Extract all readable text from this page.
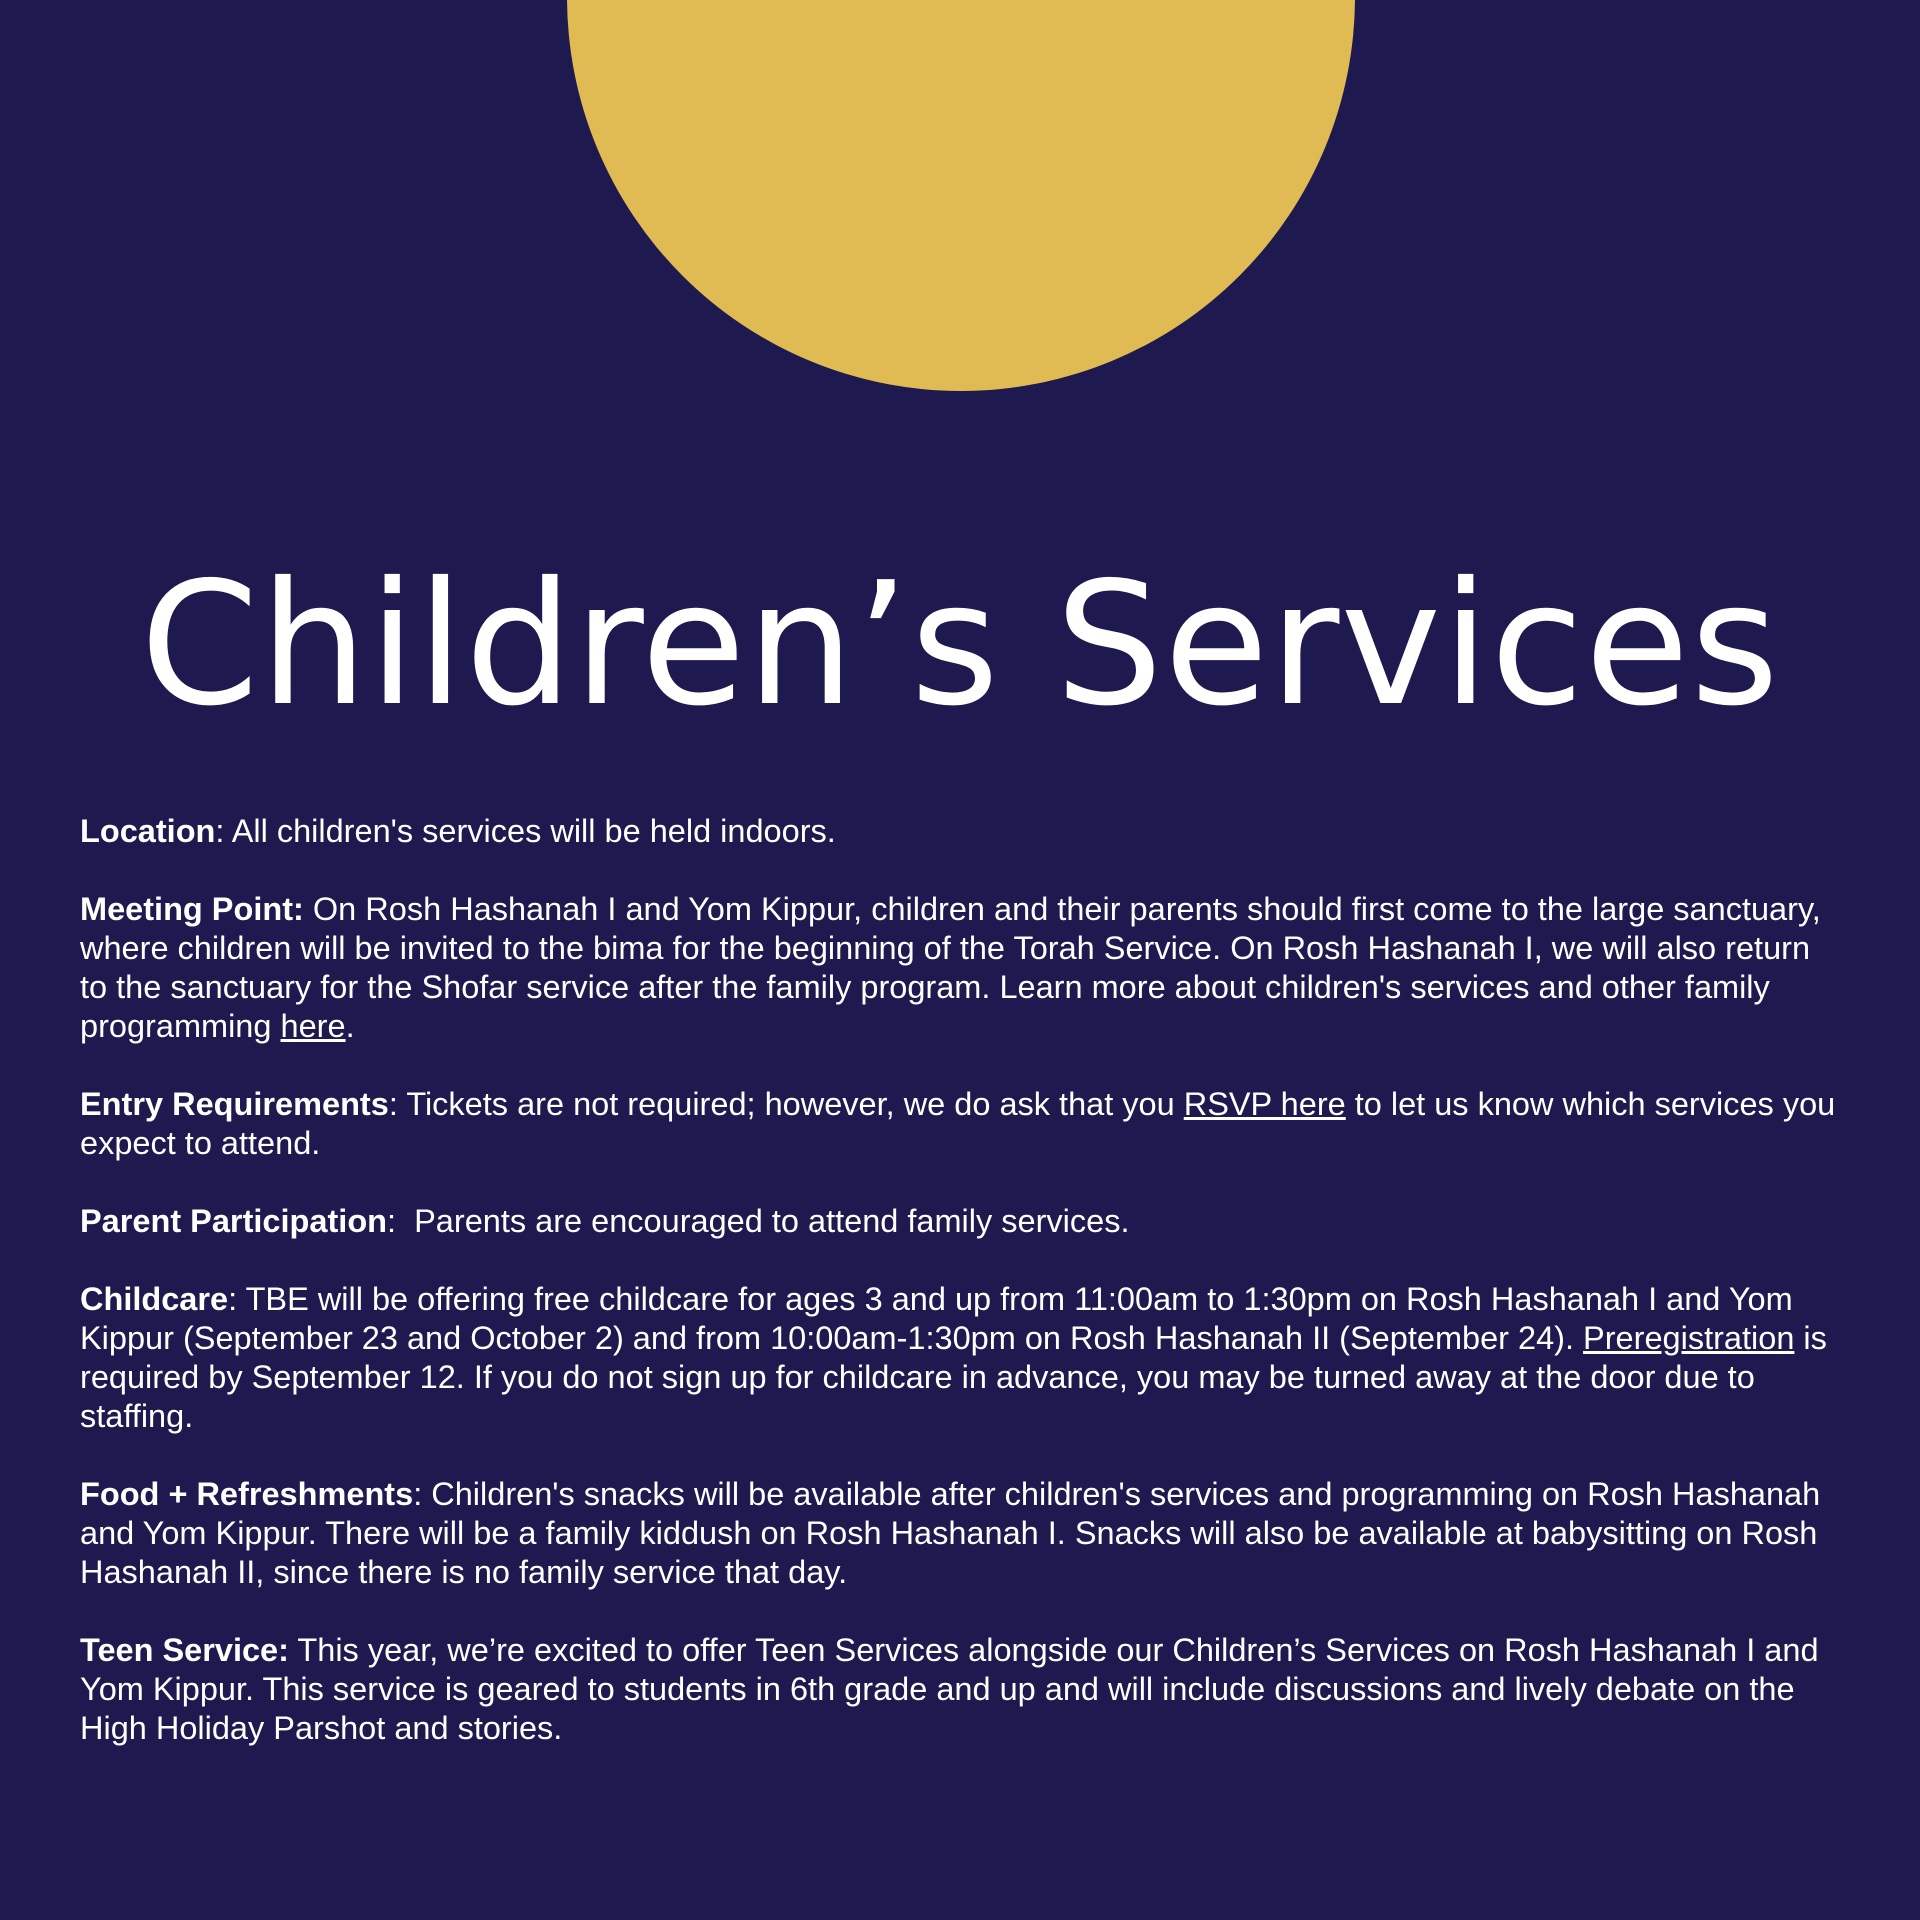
Children’s Services

Location: All children's services will be held indoors.

Meeting Point: On Rosh Hashanah I and Yom Kippur, children and their parents should first come to the large sanctuary, where children will be invited to the bima for the beginning of the Torah Service. On Rosh Hashanah I, we will also return to the sanctuary for the Shofar service after the family program. Learn more about children's services and other family programming here.

Entry Requirements: Tickets are not required; however, we do ask that you RSVP here to let us know which services you expect to attend.

Parent Participation:  Parents are encouraged to attend family services.

Childcare: TBE will be offering free childcare for ages 3 and up from 11:00am to 1:30pm on Rosh Hashanah I and Yom Kippur (September 23 and October 2) and from 10:00am-1:30pm on Rosh Hashanah II (September 24). Preregistration is required by September 12. If you do not sign up for childcare in advance, you may be turned away at the door due to staffing.

Food + Refreshments: Children's snacks will be available after children's services and programming on Rosh Hashanah and Yom Kippur. There will be a family kiddush on Rosh Hashanah I. Snacks will also be available at babysitting on Rosh Hashanah II, since there is no family service that day.

Teen Service: This year, we’re excited to offer Teen Services alongside our Children’s Services on Rosh Hashanah I and Yom Kippur. This service is geared to students in 6th grade and up and will include discussions and lively debate on the High Holiday Parshot and stories.
